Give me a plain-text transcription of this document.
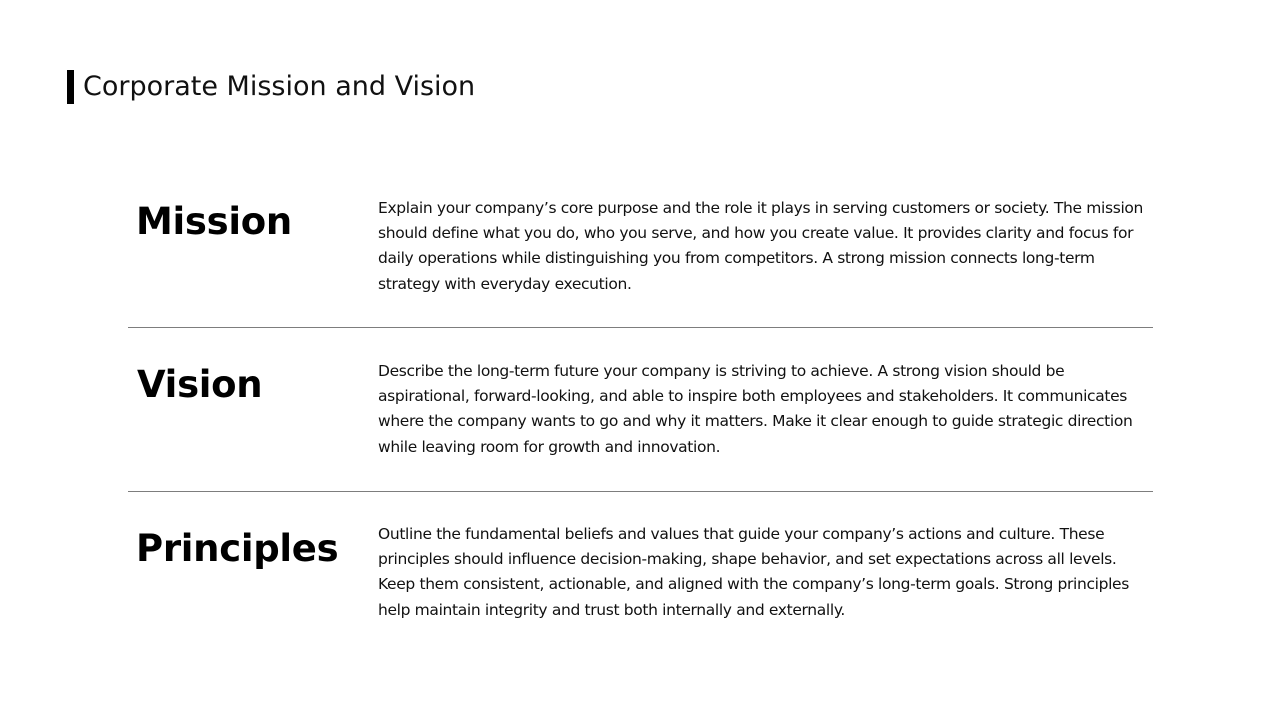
Corporate Mission and Vision
Mission	Explain your company’s core purpose and the role it plays in serving customers or society. The mission should define what you do, who you serve, and how you create value. It provides clarity and focus for daily operations while distinguishing you from competitors. A strong mission connects long-term strategy with everyday execution.
Vision	Describe the long-term future your company is striving to achieve. A strong vision should be aspirational, forward-looking, and able to inspire both employees and stakeholders. It communicates where the company wants to go and why it matters. Make it clear enough to guide strategic direction while leaving room for growth and innovation.
Principles	Outline the fundamental beliefs and values that guide your company’s actions and culture. These principles should influence decision-making, shape behavior, and set expectations across all levels. Keep them consistent, actionable, and aligned with the company’s long-term goals. Strong principles help maintain integrity and trust both internally and externally.
